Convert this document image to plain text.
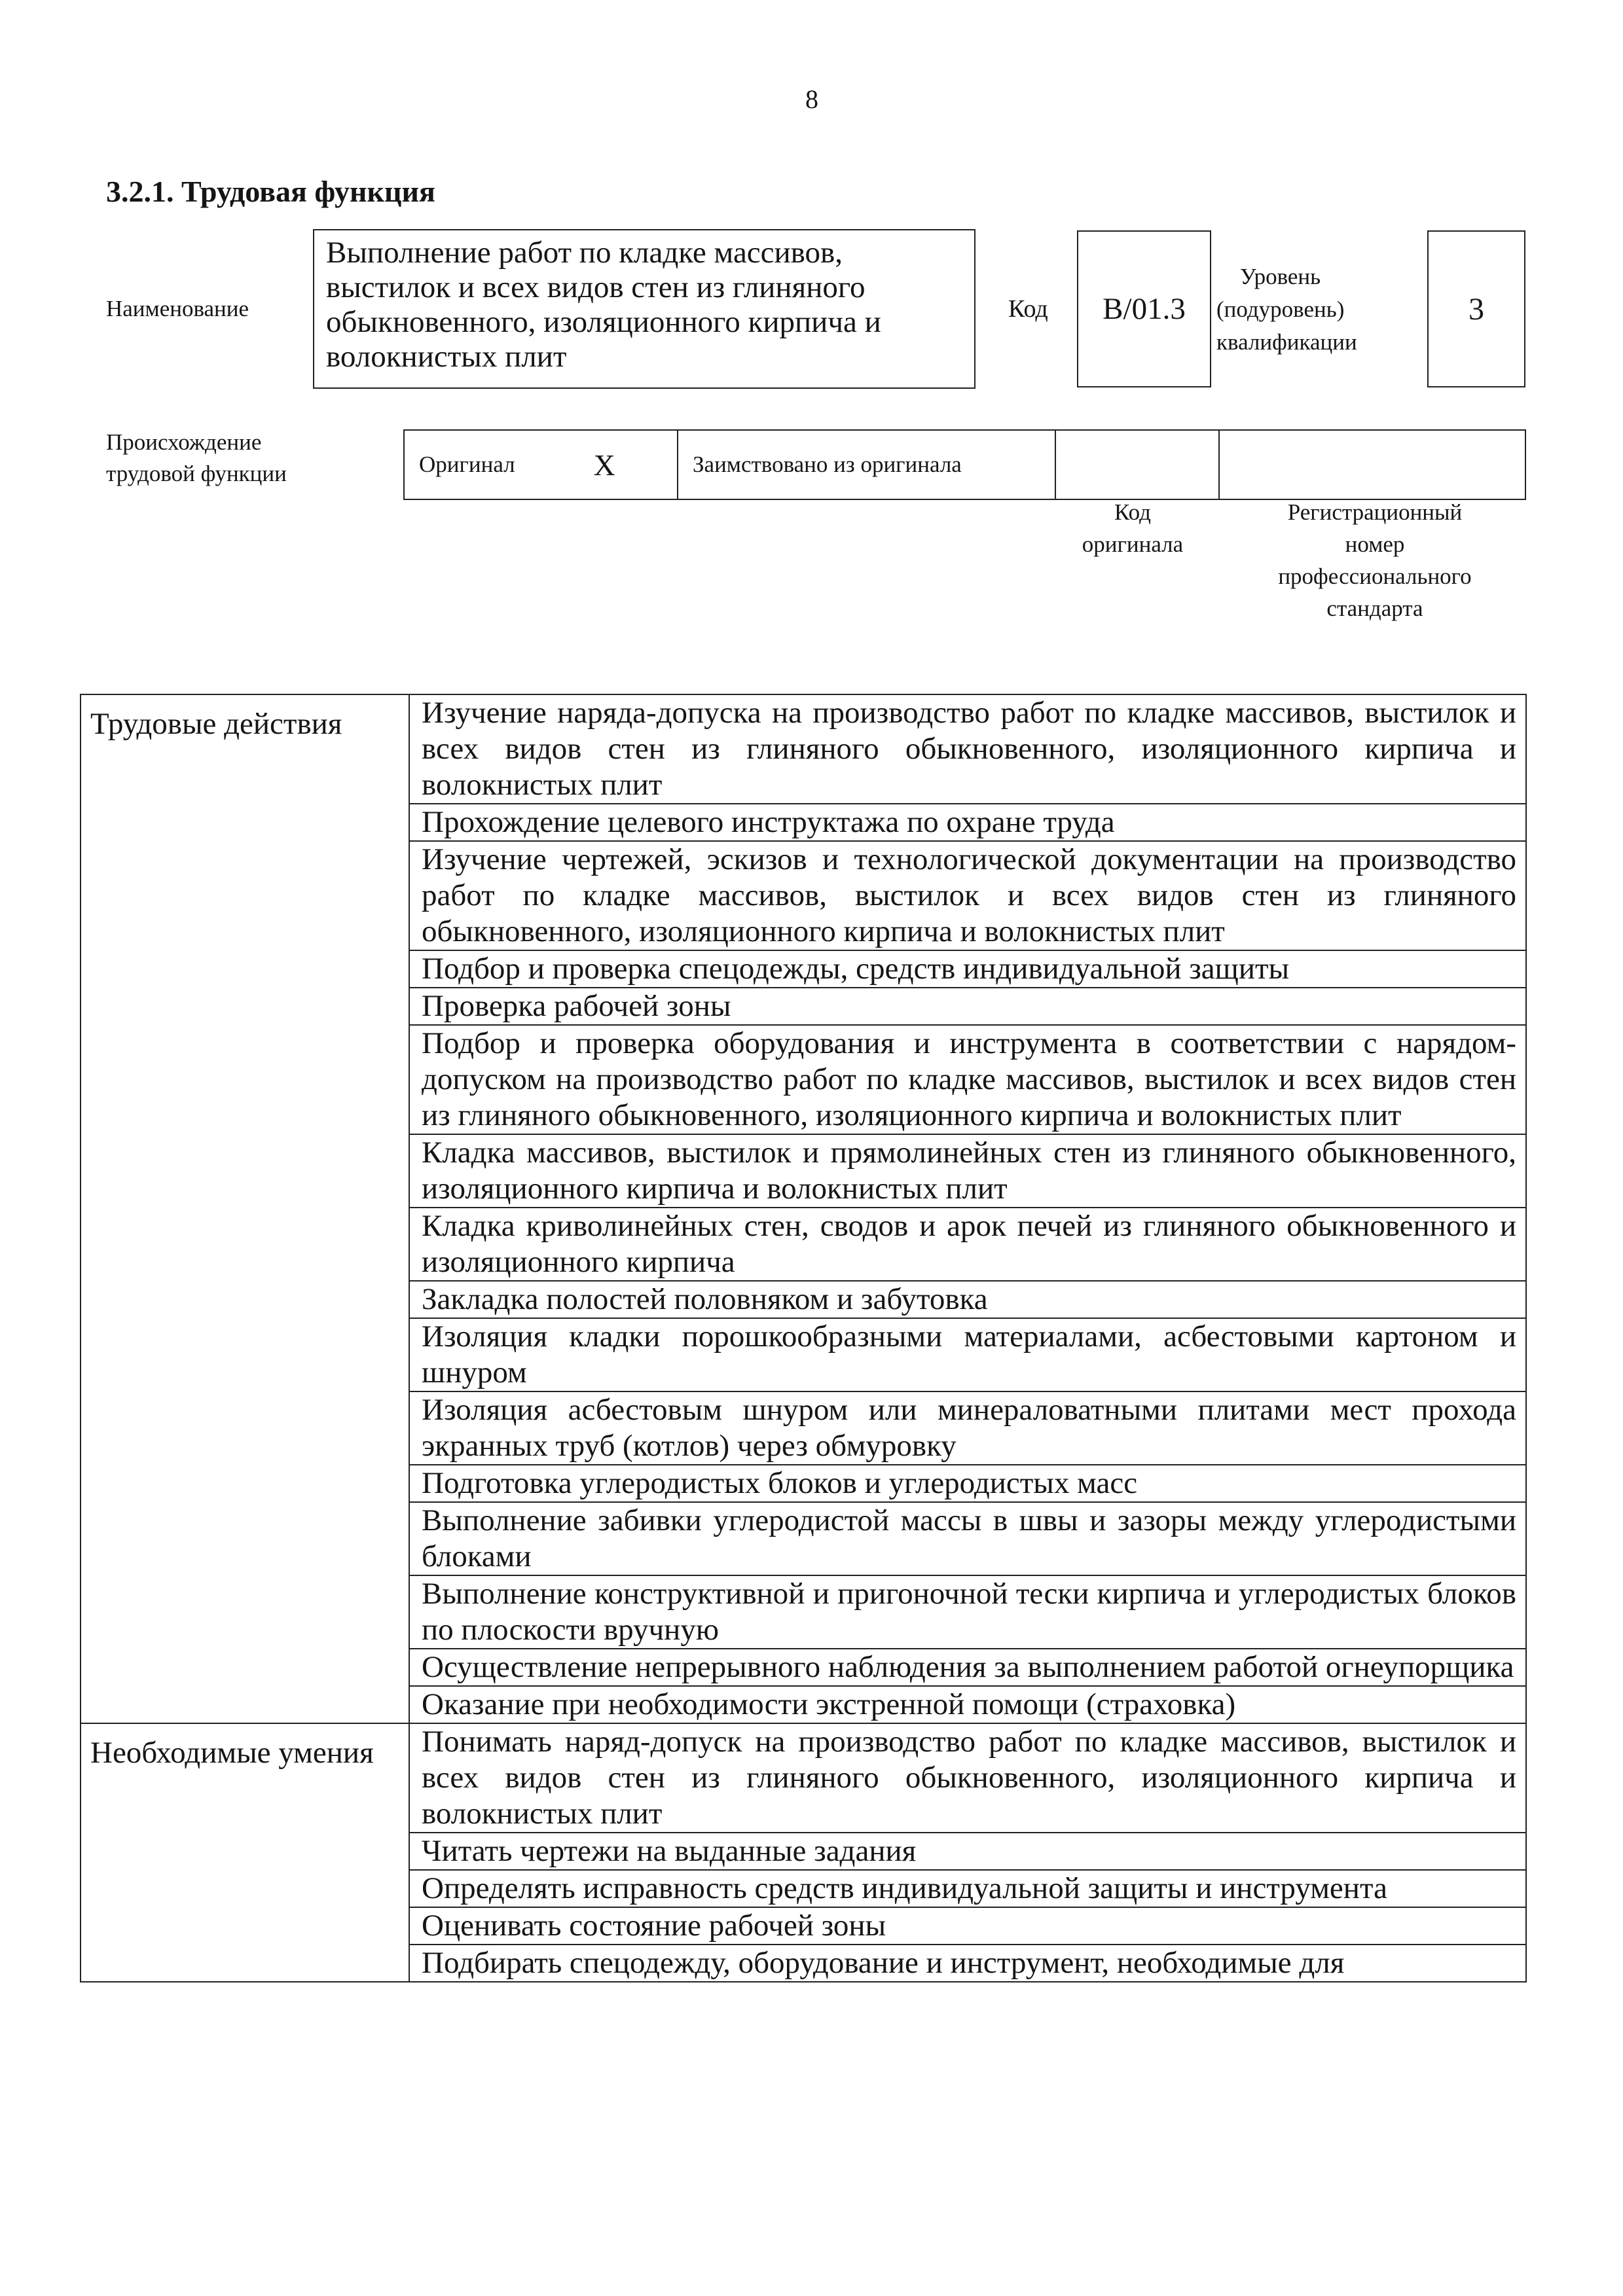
8
3.2.1. Трудовая функция
Наименование
Выполнение работ по кладке массивов, выстилок и всех видов стен из глиняного обыкновенного, изоляционного кирпича и волокнистых плит
Код B/01.3
Уровень
(подуровень)
квалификации
3
Происхождение
трудовой функции	Оригинал	X	Заимствовано из оригинала
Код
оригинала
Регистрационный
номер
профессионального
стандарта
Трудовые действия	Изучение наряда-допуска на производство работ по кладке массивов, выстилок и всех видов стен из глиняного обыкновенного, изоляционного кирпича и волокнистых плит
	Прохождение целевого инструктажа по охране труда
	Изучение чертежей, эскизов и технологической документации на производство работ по кладке массивов, выстилок и всех видов стен из глиняного обыкновенного, изоляционного кирпича и волокнистых плит
	Подбор и проверка спецодежды, средств индивидуальной защиты
	Проверка рабочей зоны
	Подбор и проверка оборудования и инструмента в соответствии с нарядом-допуском на производство работ по кладке массивов, выстилок и всех видов стен из глиняного обыкновенного, изоляционного кирпича и волокнистых плит
	Кладка массивов, выстилок и прямолинейных стен из глиняного обыкновенного, изоляционного кирпича и волокнистых плит
	Кладка криволинейных стен, сводов и арок печей из глиняного обыкновенного и изоляционного кирпича
	Закладка полостей половняком и забутовка
	Изоляция кладки порошкообразными материалами, асбестовыми картоном и шнуром
	Изоляция асбестовым шнуром или минераловатными плитами мест прохода экранных труб (котлов) через обмуровку
	Подготовка углеродистых блоков и углеродистых масс
	Выполнение забивки углеродистой массы в швы и зазоры между углеродистыми блоками
	Выполнение конструктивной и пригоночной тески кирпича и углеродистых блоков по плоскости вручную
	Осуществление непрерывного наблюдения за выполнением работой огнеупорщика
	Оказание при необходимости экстренной помощи (страховка)
Необходимые умения	Понимать наряд-допуск на производство работ по кладке массивов, выстилок и всех видов стен из глиняного обыкновенного, изоляционного кирпича и волокнистых плит
	Читать чертежи на выданные задания
	Определять исправность средств индивидуальной защиты и инструмента
	Оценивать состояние рабочей зоны
	Подбирать спецодежду, оборудование и инструмент, необходимые для
